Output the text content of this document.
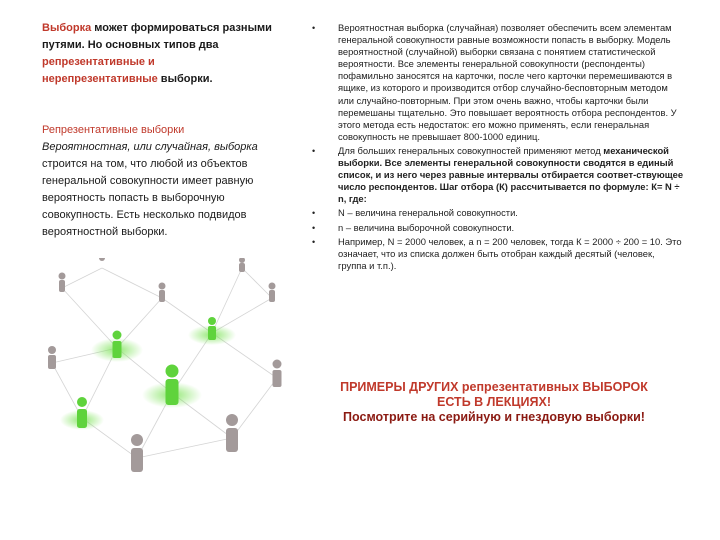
Выборка может формироваться разными путями. Но основных типов два репрезентативные и нерепрезентативные выборки.

Репрезентативные выборки

Вероятностная, или случайная, выборка строится на том, что любой из объектов генеральной совокупности имеет равную вероятность попасть в выборочную совокупность. Есть несколько подвидов вероятностной выборки.

• Вероятностная выборка (случайная) позволяет обеспечить всем элементам генеральной совокупности равные возможности попасть в выборку. Модель вероятностной (случайной) выборки связана с понятием статистической вероятности. Все элементы генеральной совокупности (респонденты) пофамильно заносятся на карточки, после чего карточки перемешиваются в ящике, из которого и производится отбор случайно-бесповторным методом или случайно-повторным. При этом очень важно, чтобы карточки были перемешаны тщательно. Это повышает вероятность отбора респондентов. У этого метода есть недостаток: его можно применять, если генеральная совокупность не превышает 800-1000 единиц.
• Для больших генеральных совокупностей применяют метод механической выборки. Все элементы генеральной совокупности сводятся в единый список, и из него через равные интервалы отбирается соответ-ствующее число респондентов. Шаг отбора (К) рассчитывается по формуле: К= N ÷ n, где:
• N – величина генеральной совокупности.
• n – величина выборочной совокупности.
• Например, N = 2000 человек, а n = 200 человек, тогда К = 2000 ÷ 200 = 10. Это означает, что из списка должен быть отобран каждый десятый (человек, группа и т.п.).
ПРИМЕРЫ ДРУГИХ репрезентативных ВЫБОРОК
ЕСТЬ В ЛЕКЦИЯХ!
Посмотрите на серийную и гнездовую выборки!
